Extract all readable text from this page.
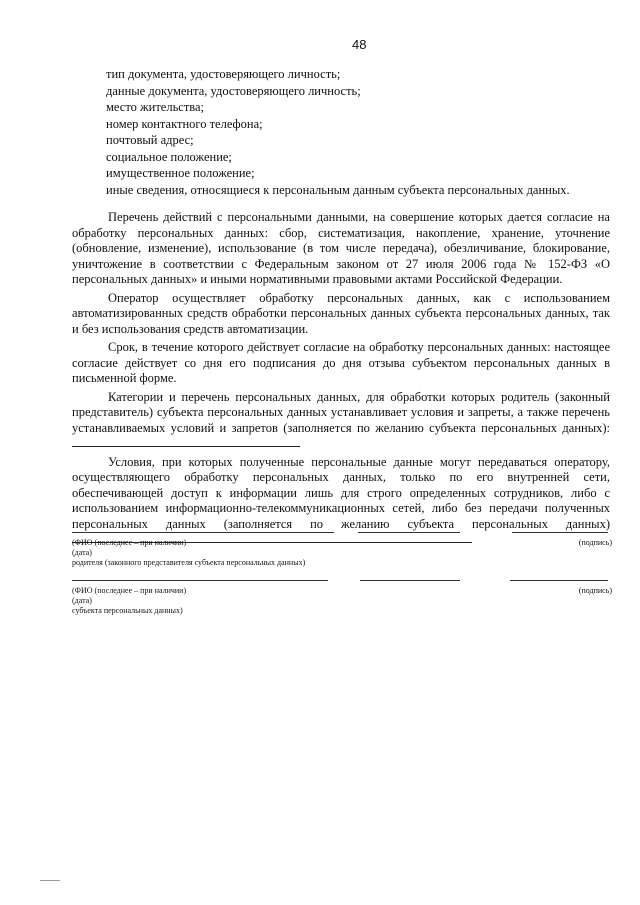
48
тип документа, удостоверяющего личность;
данные документа, удостоверяющего личность;
место жительства;
номер контактного телефона;
почтовый адрес;
социальное положение;
имущественное положение;
иные сведения, относящиеся к персональным данным субъекта персональных данных.

Перечень действий с персональными данными, на совершение которых дается согласие на обработку персональных данных: сбор, систематизация, накопление, хранение, уточнение (обновление, изменение), использование (в том числе передача), обезличивание, блокирование, уничтожение в соответствии с Федеральным законом от 27 июля 2006 года № 152-ФЗ «О персональных данных» и иными нормативными правовыми актами Российской Федерации.

Оператор осуществляет обработку персональных данных, как с использованием автоматизированных средств обработки персональных данных субъекта персональных данных, так и без использования средств автоматизации.

Срок, в течение которого действует согласие на обработку персональных данных: настоящее согласие действует со дня его подписания до дня отзыва субъектом персональных данных в письменной форме.

Категории и перечень персональных данных, для обработки которых родитель (законный представитель) субъекта персональных данных устанавливает условия и запреты, а также перечень устанавливаемых условий и запретов (заполняется по желанию субъекта персональных данных):

Условия, при которых полученные персональные данные могут передаваться оператору, осуществляющего обработку персональных данных, только по его внутренней сети, обеспечивающей доступ к информации лишь для строго определенных сотрудников, либо с использованием информационно-телекоммуникационных сетей, либо без передачи полученных персональных данных (заполняется по желанию субъекта персональных данных)

(ФИО (последнее – при наличии)	(подпись)
(дата)
родителя (законного представителя субъекта персональных данных)
(ФИО (последнее – при наличии)	(подпись)
(дата)
субъекта персональных данных)
